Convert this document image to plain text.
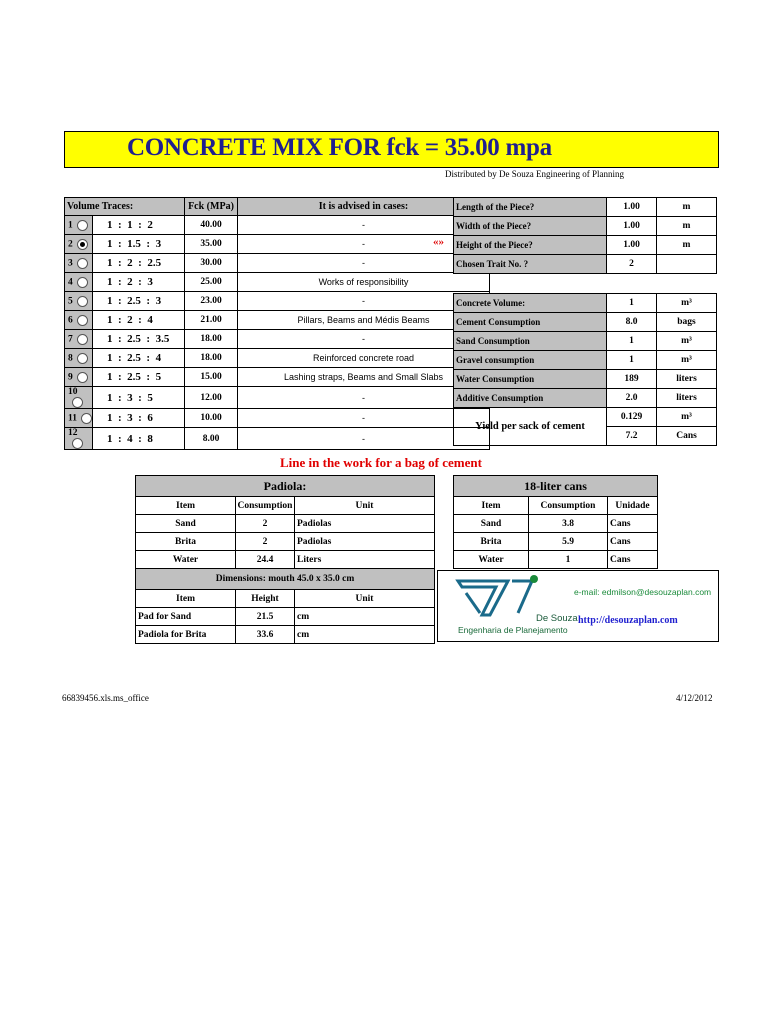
CONCRETE MIX FOR fck = 35.00 mpa
Distributed by De Souza Engineering of Planning
Volume Traces:		Fck (MPa)	It is advised in cases:
1	1  :  1  :  2	40.00	-
2	1  :  1.5  :  3	35.00	-
3	1  :  2  :  2.5	30.00	-
4	1  :  2  :  3	25.00	Works of responsibility
5	1  :  2.5  :  3	23.00	-
6	1  :  2  :  4	21.00	Pillars, Beams and Médis Beams
7	1  :  2.5  :  3.5	18.00	-
8	1  :  2.5  :  4	18.00	Reinforced concrete road
9	1  :  2.5  :  5	15.00	Lashing straps, Beams and Small Slabs
10	1  :  3  :  5	12.00	-
11	1  :  3  :  6	10.00	-
12	1  :  4  :  8	8.00	-
«»
Length of the Piece?	1.00	m
Width of the Piece?	1.00	m
Height of the Piece?	1.00	m
Chosen Trait No. ?	2	
Concrete Volume:	1	m³
Cement Consumption	8.0	bags
Sand Consumption	1	m³
Gravel consumption	1	m³
Water Consumption	189	liters
Additive Consumption	2.0	liters
Yield per sack of cement	0.129	m³
	7.2	Cans
Line in the work for a bag of cement
Padiola:		
Item	Consumption	Unit
Sand	2	Padiolas
Brita	2	Padiolas
Water	24.4	Liters
Dimensions: mouth 45.0 x 35.0 cm		
Item	Height	Unit
Pad for Sand	21.5	cm
Padiola for Brita	33.6	cm
18-liter cans		
Item	Consumption	Unidade
Sand	3.8	Cans
Brita	5.9	Cans
Water	1	Cans
De Souza
Engenharia de Planejamento
e-mail: edmilson@desouzaplan.com
http://desouzaplan.com
66839456.xls.ms_office	4/12/2012
